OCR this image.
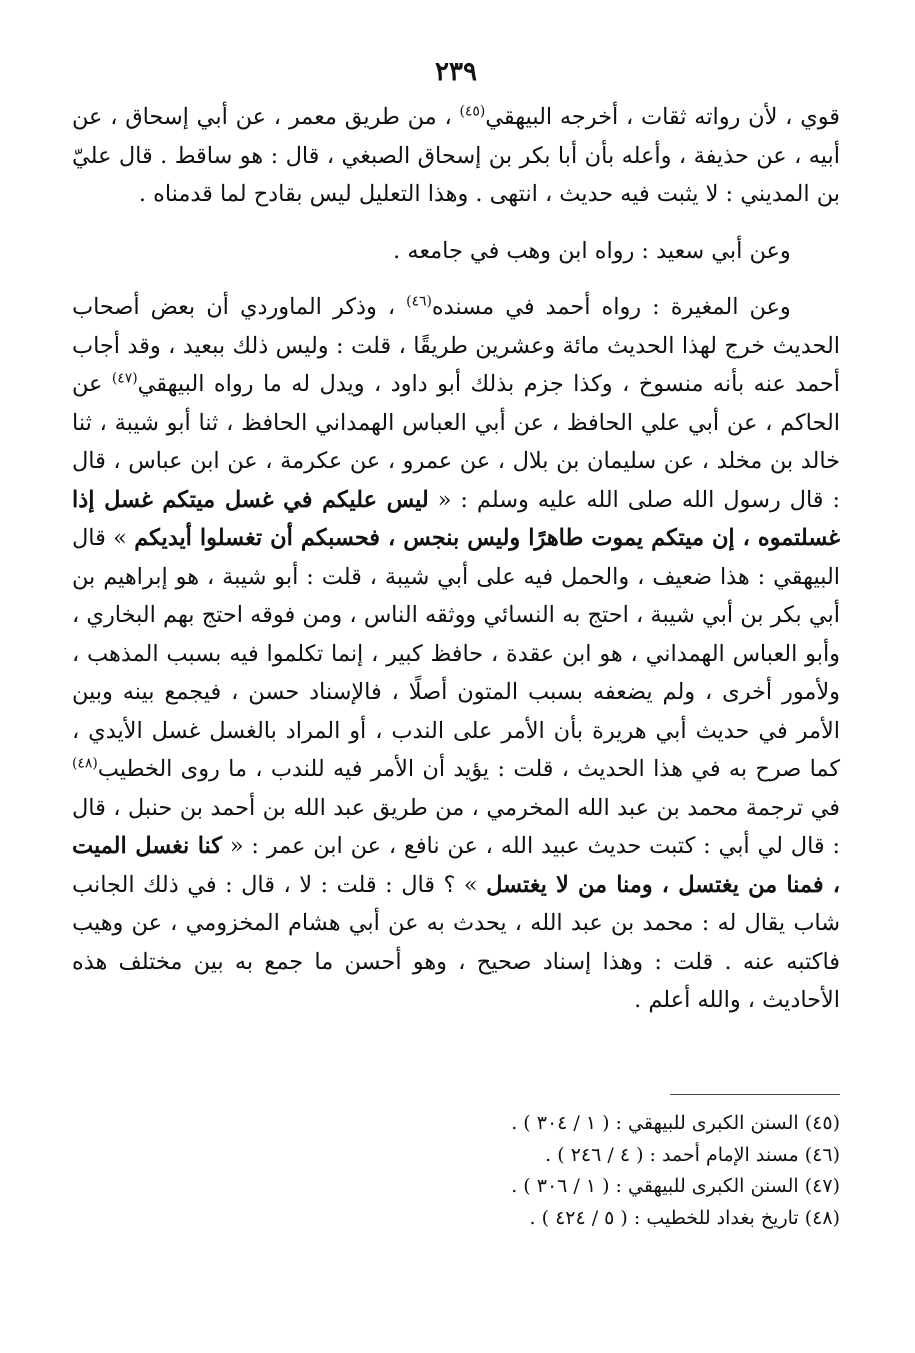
٢٣٩

قوي ، لأن رواته ثقات ، أخرجه البيهقي$^{(٤٥)}$ ، من طريق معمر ، عن أبي إسحاق ، عن أبيه ، عن حذيفة ، وأعله بأن أبا بكر بن إسحاق الصبغي ، قال : هو ساقط . قال عليّ بن المديني : لا يثبت فيه حديث ، انتهى . وهذا التعليل ليس بقادح لما قدمناه .

وعن أبي سعيد : رواه ابن وهب في جامعه .

وعن المغيرة : رواه أحمد في مسنده$^{(٤٦)}$ ، وذكر الماوردي أن بعض أصحاب الحديث خرج لهذا الحديث مائة وعشرين طريقًا ، قلت : وليس ذلك ببعيد ، وقد أجاب أحمد عنه بأنه منسوخ ، وكذا جزم بذلك أبو داود ، ويدل له ما رواه البيهقي$^{(٤٧)}$ عن الحاكم ، عن أبي علي الحافظ ، عن أبي العباس الهمداني الحافظ ، ثنا أبو شيبة ، ثنا خالد بن مخلد ، عن سليمان بن بلال ، عن عمرو ، عن عكرمة ، عن ابن عباس ، قال : قال رسول الله صلى الله عليه وسلم : « ليس عليكم في غسل ميتكم غسل إذا غسلتموه ، إن ميتكم يموت طاهرًا وليس بنجس ، فحسبكم أن تغسلوا أيديكم » قال البيهقي : هذا ضعيف ، والحمل فيه على أبي شيبة ، قلت : أبو شيبة ، هو إبراهيم بن أبي بكر بن أبي شيبة ، احتج به النسائي ووثقه الناس ، ومن فوقه احتج بهم البخاري ، وأبو العباس الهمداني ، هو ابن عقدة ، حافظ كبير ، إنما تكلموا فيه بسبب المذهب ، ولأمور أخرى ، ولم يضعفه بسبب المتون أصلًا ، فالإسناد حسن ، فيجمع بينه وبين الأمر في حديث أبي هريرة بأن الأمر على الندب ، أو المراد بالغسل غسل الأيدي ، كما صرح به في هذا الحديث ، قلت : يؤيد أن الأمر فيه للندب ، ما روى الخطيب$^{(٤٨)}$ في ترجمة محمد بن عبد الله المخرمي ، من طريق عبد الله بن أحمد بن حنبل ، قال : قال لي أبي : كتبت حديث عبيد الله ، عن نافع ، عن ابن عمر : « كنا نغسل الميت ، فمنا من يغتسل ، ومنا من لا يغتسل » ؟ قال : قلت : لا ، قال : في ذلك الجانب شاب يقال له : محمد بن عبد الله ، يحدث به عن أبي هشام المخزومي ، عن وهيب فاكتبه عنه . قلت : وهذا إسناد صحيح ، وهو أحسن ما جمع به بين مختلف هذه الأحاديث ، والله أعلم .

(٤٥) السنن الكبرى للبيهقي : ( ١ / ٣٠٤ ) .

(٤٦) مسند الإمام أحمد : ( ٤ / ٢٤٦ ) .

(٤٧) السنن الكبرى للبيهقي : ( ١ / ٣٠٦ ) .

(٤٨) تاريخ بغداد للخطيب : ( ٥ / ٤٢٤ ) .
